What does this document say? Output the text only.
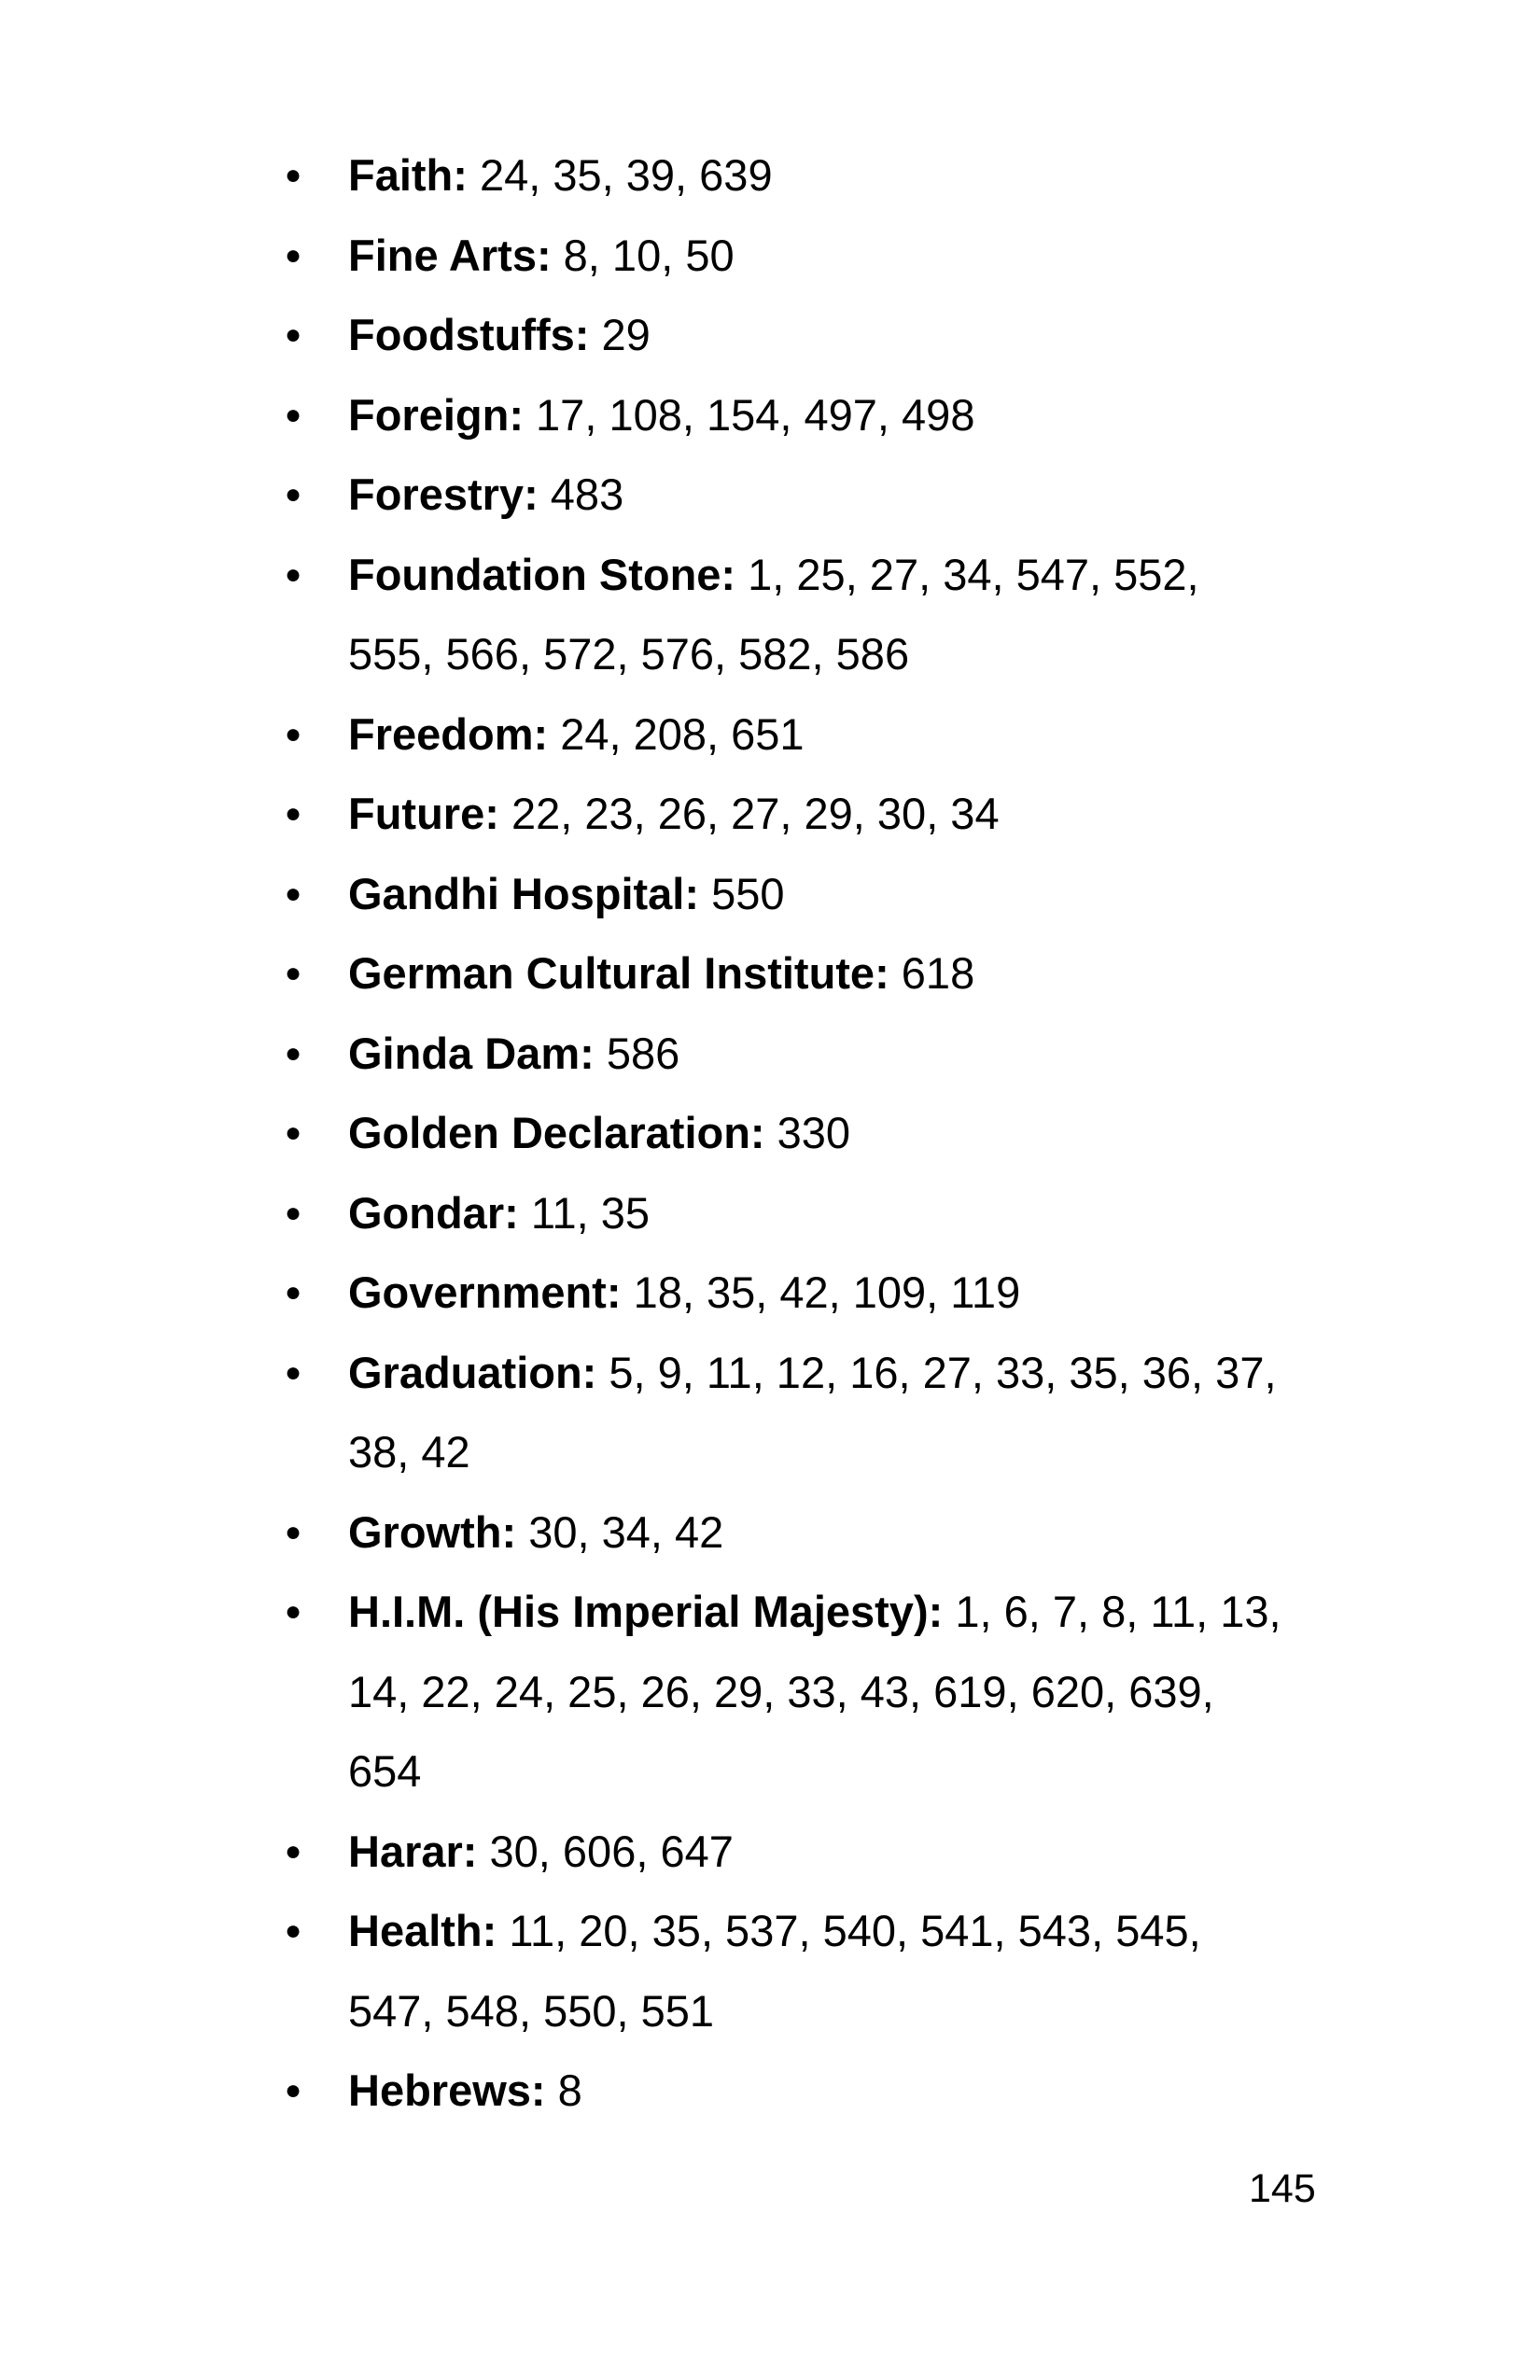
● Faith: 24, 35, 39, 639
● Fine Arts: 8, 10, 50
● Foodstuffs: 29
● Foreign: 17, 108, 154, 497, 498
● Forestry: 483
● Foundation Stone: 1, 25, 27, 34, 547, 552, 555, 566, 572, 576, 582, 586
● Freedom: 24, 208, 651
● Future: 22, 23, 26, 27, 29, 30, 34
● Gandhi Hospital: 550
● German Cultural Institute: 618
● Ginda Dam: 586
● Golden Declaration: 330
● Gondar: 11, 35
● Government: 18, 35, 42, 109, 119
● Graduation: 5, 9, 11, 12, 16, 27, 33, 35, 36, 37, 38, 42
● Growth: 30, 34, 42
● H.I.M. (His Imperial Majesty): 1, 6, 7, 8, 11, 13, 14, 22, 24, 25, 26, 29, 33, 43, 619, 620, 639, 654
● Harar: 30, 606, 647
● Health: 11, 20, 35, 537, 540, 541, 543, 545, 547, 548, 550, 551
● Hebrews: 8
145
